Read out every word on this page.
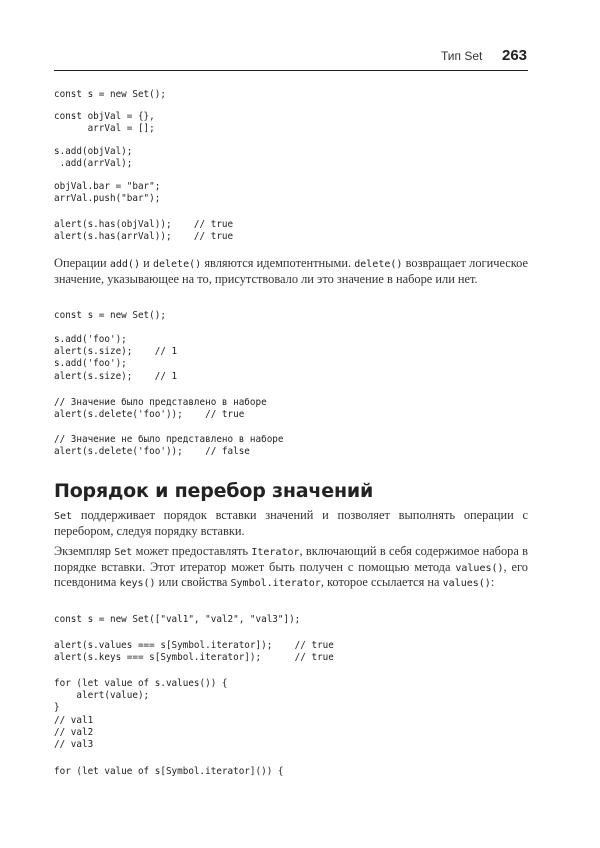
Тип Set 263
const s = new Set();
const objVal = {},
arrVal = [];
s.add(objVal);
.add(arrVal);
objVal.bar = "bar";
arrVal.push("bar");
alert(s.has(objVal));    // true
alert(s.has(arrVal));    // true

Операции add() и delete() являются идемпотентными. delete() возвращает логическое значение, указывающее на то, присутствовало ли это значение в наборе или нет.

const s = new Set();
s.add('foo');
alert(s.size);    // 1
s.add('foo');
alert(s.size);    // 1
// Значение было представлено в наборе
alert(s.delete('foo'));    // true
// Значение не было представлено в наборе
alert(s.delete('foo'));    // false
Порядок и перебор значений

Set поддерживает порядок вставки значений и позволяет выполнять операции с перебором, следуя порядку вставки.

Экземпляр Set может предоставлять Iterator, включающий в себя содержимое набора в порядке вставки. Этот итератор может быть получен с помощью метода values(), его псевдонима keys() или свойства Symbol.iterator, которое ссылается на values():

const s = new Set(["val1", "val2", "val3"]);
alert(s.values === s[Symbol.iterator]);    // true
alert(s.keys === s[Symbol.iterator]);      // true
for (let value of s.values()) {
alert(value);
}
// val1
// val2
// val3
for (let value of s[Symbol.iterator]()) {
